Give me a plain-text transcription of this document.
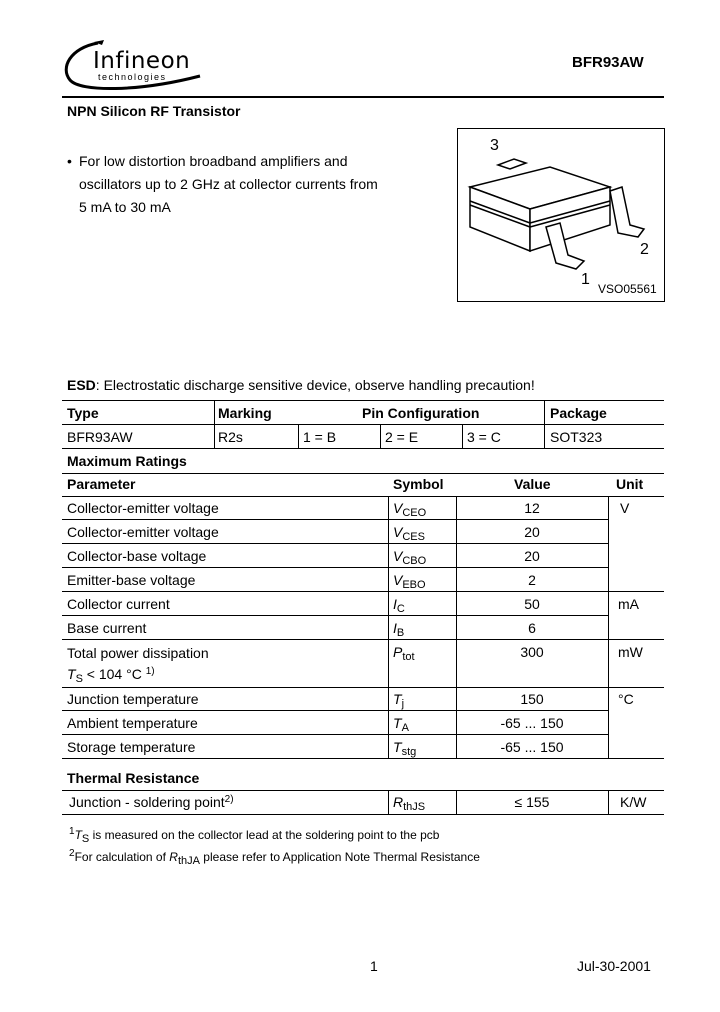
Infineon
technologies
BFR93AW
NPN Silicon RF Transistor
• For low distortion broadband amplifiers and
oscillators up to 2 GHz at collector currents from
5 mA to 30 mA
3
2
1
VSO05561
ESD: Electrostatic discharge sensitive device, observe handling precaution!
Type	Marking	Pin Configuration	Package
BFR93AW	R2s	1 = B	2 = E	3 = C	SOT323
Maximum Ratings
Parameter	Symbol	Value	Unit
Collector-emitter voltage	$V_{CEO}$	12	V
Collector-emitter voltage	$V_{CES}$	20
Collector-base voltage	$V_{CBO}$	20
Emitter-base voltage	$V_{EBO}$	2
Collector current	$I_C$	50	mA
Base current	$I_B$	6
Total power dissipation
$T_S < 104$ °C $^{1)}$
$P_{tot}$	300	mW
Junction temperature	$T_j$	150	°C
Ambient temperature	$T_A$	-65 ... 150
Storage temperature	$T_{stg}$	-65 ... 150
Thermal Resistance
Junction - soldering point$^{2)}$	$R_{thJS}$	≤ 155	K/W
$^1T_S$ is measured on the collector lead at the soldering point to the pcb
$^2$For calculation of $R_{thJA}$ please refer to Application Note Thermal Resistance
1	Jul-30-2001
